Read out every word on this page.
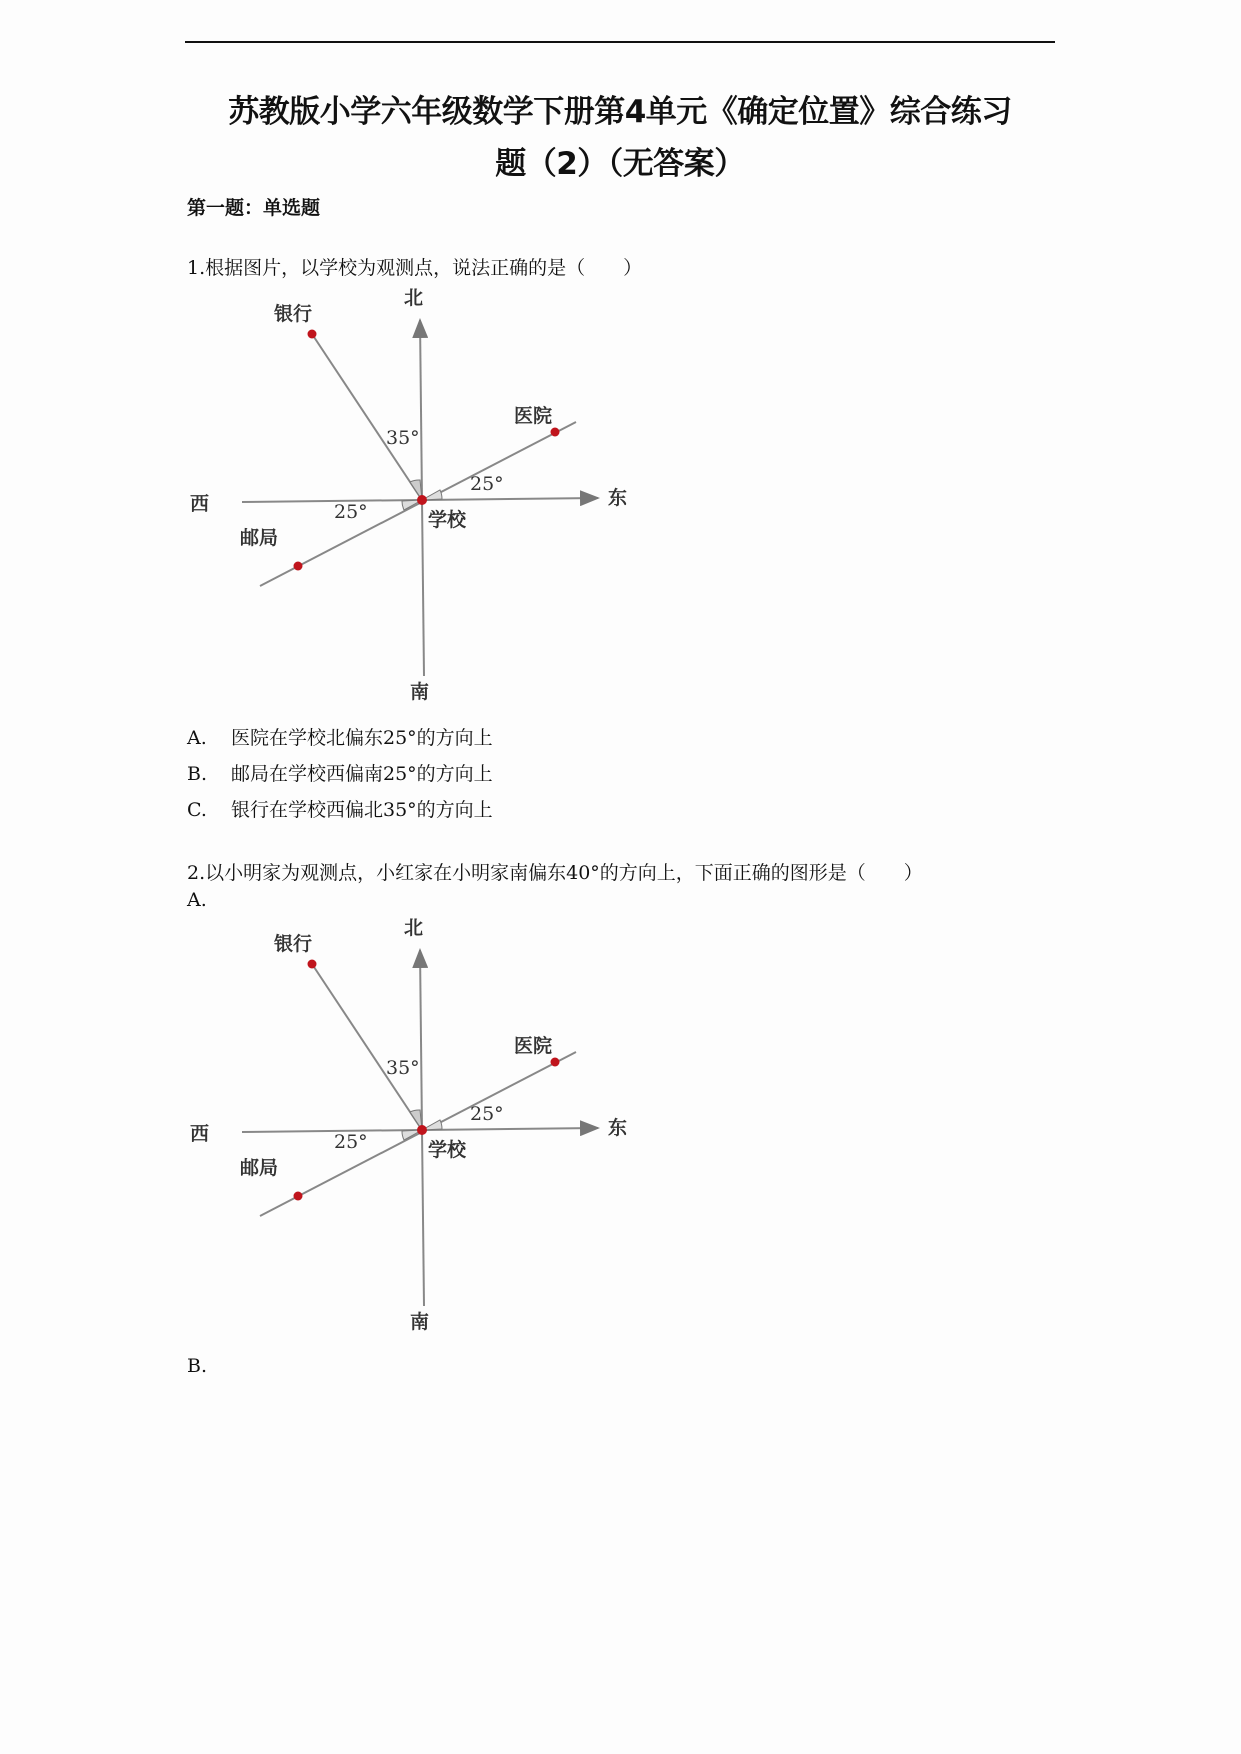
苏教版小学六年级数学下册第4单元《确定位置》综合练习
题（2）（无答案）
第一题：单选题
1.根据图片，以学校为观测点，说法正确的是（　　）
北
南
东
西
学校
银行
医院
邮局
35°
25°
25°
A. 医院在学校北偏东25°的方向上
B. 邮局在学校西偏南25°的方向上
C. 银行在学校西偏北35°的方向上
2.以小明家为观测点，小红家在小明家南偏东40°的方向上，下面正确的图形是（　　）
A.
北
南
东
西
学校
银行
医院
邮局
35°
25°
25°
B.
